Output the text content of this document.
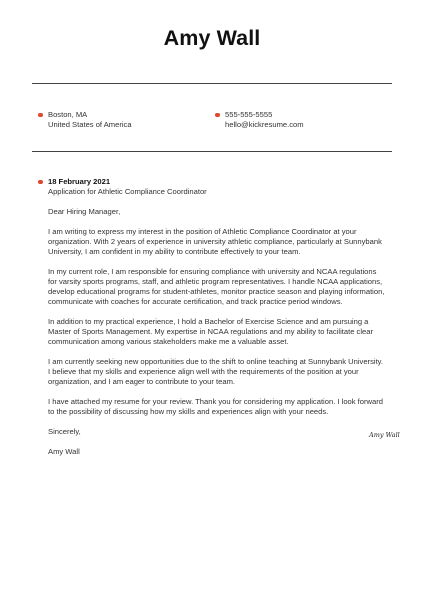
Amy Wall
Boston, MA
United States of America
555-555-5555
hello@kickresume.com
18 February 2021
Application for Athletic Compliance Coordinator

Dear Hiring Manager,

I am writing to express my interest in the position of Athletic Compliance Coordinator at your organization. With 2 years of experience in university athletic compliance, particularly at Sunnybank University, I am confident in my ability to contribute effectively to your team.

In my current role, I am responsible for ensuring compliance with university and NCAA regulations for varsity sports programs, staff, and athletic program representatives. I handle NCAA applications, develop educational programs for student-athletes, monitor practice season and playing information, communicate with coaches for accurate certification, and track practice period windows.

In addition to my practical experience, I hold a Bachelor of Exercise Science and am pursuing a Master of Sports Management. My expertise in NCAA regulations and my ability to facilitate clear communication among various stakeholders make me a valuable asset.

I am currently seeking new opportunities due to the shift to online teaching at Sunnybank University. I believe that my skills and experience align well with the requirements of the position at your organization, and I am eager to contribute to your team.

I have attached my resume for your review. Thank you for considering my application. I look forward to the possibility of discussing how my skills and experiences align with your needs.

Sincerely,

Amy Wall

Amy Wall
